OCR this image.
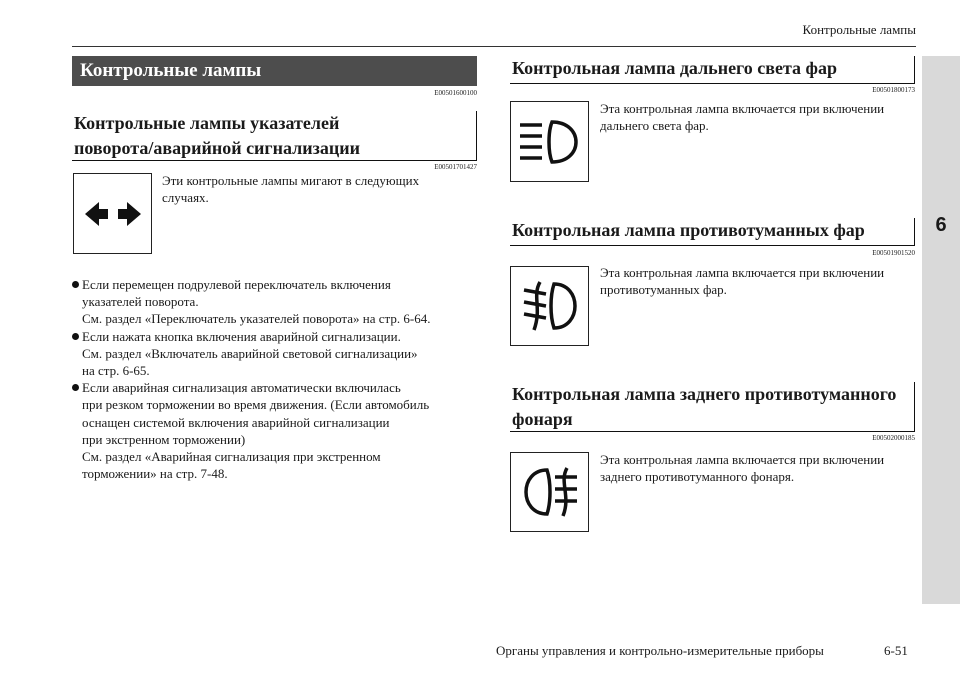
Контрольные лампы
6
Контрольные лампы
E00501600100
Контрольные лампы указателей
поворота/аварийной сигнализации
E00501701427
Эти контрольные лампы мигают в следующих
случаях.
Если перемещен подрулевой переключатель включения
указателей поворота.
См. раздел «Переключатель указателей поворота» на стр. 6-64.
Если нажата кнопка включения аварийной сигнализации.
См. раздел «Включатель аварийной световой сигнализации»
на стр. 6-65.
Если аварийная сигнализация автоматически включилась
при резком торможении во время движения. (Если автомобиль
оснащен системой включения аварийной сигнализации
при экстренном торможении)
См. раздел «Аварийная сигнализация при экстренном
торможении» на стр. 7-48.
Контрольная лампа дальнего света фар
E00501800173
Эта контрольная лампа включается при включении
дальнего света фар.
Контрольная лампа противотуманных фар
E00501901520
Эта контрольная лампа включается при включении
противотуманных фар.
Контрольная лампа заднего противотуманного
фонаря
E00502000185
Эта контрольная лампа включается при включении
заднего противотуманного фонаря.
Органы управления и контрольно-измерительные приборы	6-51
